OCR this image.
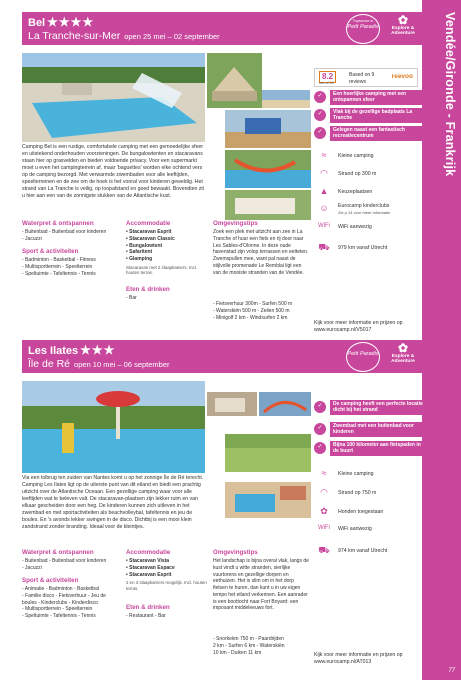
Vendée/Gironde - Frankrijk
77
Bel ★★★★
La Tranche-sur-Mer open 25 mei – 02 september
Topsector in
Petit Paradis	✿
Explore & Adventure
8.2
out of 10
Based on 9 reviews
reevoo
Camping Bel is een rustige, comfortabele camping met een gemoedelijke sfeer en uitstekend onderhouden voorzieningen. De bungalowtenten en stacaravans staan hier op grasvelden en bieden voldoende privacy. Voor een supermarkt moet u even het campingterrein af, maar 'baguettes' worden elke ochtend vers op de camping bezorgd. Met verwarmde zwembaden voor alle leeftijden, speelterreinen en de zee om de hoek is het vooral voor kinderen geweldig. Het strand van La Tranche is veilig, op loopafstand en goed bewaakt. Bovendien zit u hier aan een van de zonnigste stukken van de Atlantische kust.
Waterpret & ontspannen
- Buitenbad - Buitenbad voor kinderen
- Jacuzzi
Sport & activiteiten
- Badminton - Basketbal - Fitness
- Multisportterrein - Speelterrein
- Speltuimte - Tafeltennis - Tennis
Accommodatie
• Stacaravan Esprit
• Stacaravan Classic
• Bungalowtent
• Safaritent
• Glamping
Stacaravan met 2 slaapkamers. Incl. houten terras.
Eten & drinken
- Bar
Omgevingstips
Zoek een plek met uitzicht aan zee in La Tranche of huur een fiets en rij door naar Les Sables-d'Olonne. In deze oude havenstad zijn volop terrassen en eetteten. Zwemspullen mee, want pal naast de stijlvolle promenade Le Remblai ligt een van de mooiste stranden van de Vendée.
- Fietsverhuur 300m - Surfen 500 m
- Waterskiën 500 m - Zeilen 500 m
- Minigolf 2 km - Windsurfen 2 km
✓	Een heerlijke camping met een ontspannen sfeer
✓	Vlak bij de gezellige badplaats La Tranche
✓	Gelegen naast een fantastisch recreatiecentrum
≈	Kleine camping
◠	Strand op 300 m
▲	Keuzeplaatsen
☺	Eurocamp kinderclubs
Zie p.14 voor meer informatie
WiFi	WiFi aanwezig
⛟	979 km vanaf Utrecht
Kijk voor meer informatie en prijzen op www.eurocamp.nl/V5017
Les Ilates ★★★
Île de Ré open 10 mei – 06 september
Petit Paradis	✿
Explore & Adventure
Via een tolbrug ten zuiden van Nantes komt u op het zonnige Île de Ré terecht. Camping Les Ilates ligt op de uiterste punt van dit eiland en biedt een prachtig uitzicht over de Atlantische Oceaan. Een gezellige camping waar voor alle leeftijden wat te beleven valt. De stacaravan-plaatsen zijn lekker ruim en van elkaar gescheiden door een heg. De kinderen kunnen zich uitleven in het zwembad en met sportactiviteiten als beachvolleybal, tafeltennis en jeu de boules. En 's avonds lekker swingen in de disco. Dichtbij is een mooi klein zandstrand zonder branding. Ideaal voor de kleintjes.
Waterpret & ontspannen
- Buitenbad - Buitenbad voor kinderen
- Jacuzzi
Sport & activiteiten
- Animatie - Badminton - Basketbal
- Familie disco - Fietsverhuur - Jeu de
boules - Kinderclubs - Kinderdisco
- Multisportterrein - Speelterrein
- Speltuimte - Tafeltennis - Tennis
Accommodatie
• Stacaravan Vista
• Stacaravan Espace
• Stacaravan Esprit
2 en 3 slaapkamers mogelijk. Incl. houten terras.
Eten & drinken
- Restaurant - Bar
Omgevingstips
Het landschap is bijna overal vlak, langs de kust vindt u witte stranden, sierlijke vuurtorens en gezellige dorpen en eethuizen. Het is slim om in het dorp fietsen te huren, dan kunt u in uw eigen tempo het eiland verkennen. Een aanrader is een boottocht naar Fort Boyard: een imposant middeleeuws fort.
- Snorkelen 750 m - Paardrijden
2 km - Surfen 6 km - Waterskiën
10 km - Duiken 11 km
✓	De camping heeft een perfecte locatie dicht bij het strand
✓	Zwembad met een buitenbad voor kinderen
✓	Bijna 100 kilometer aan fietspaden in de buurt
≈	Kleine camping
◠	Strand op 750 m
✿	Honden toegestaan
WiFi	WiFi aanwezig
⛟	974 km vanaf Utrecht
Kijk voor meer informatie en prijzen op www.eurocamp.nl/AT013
